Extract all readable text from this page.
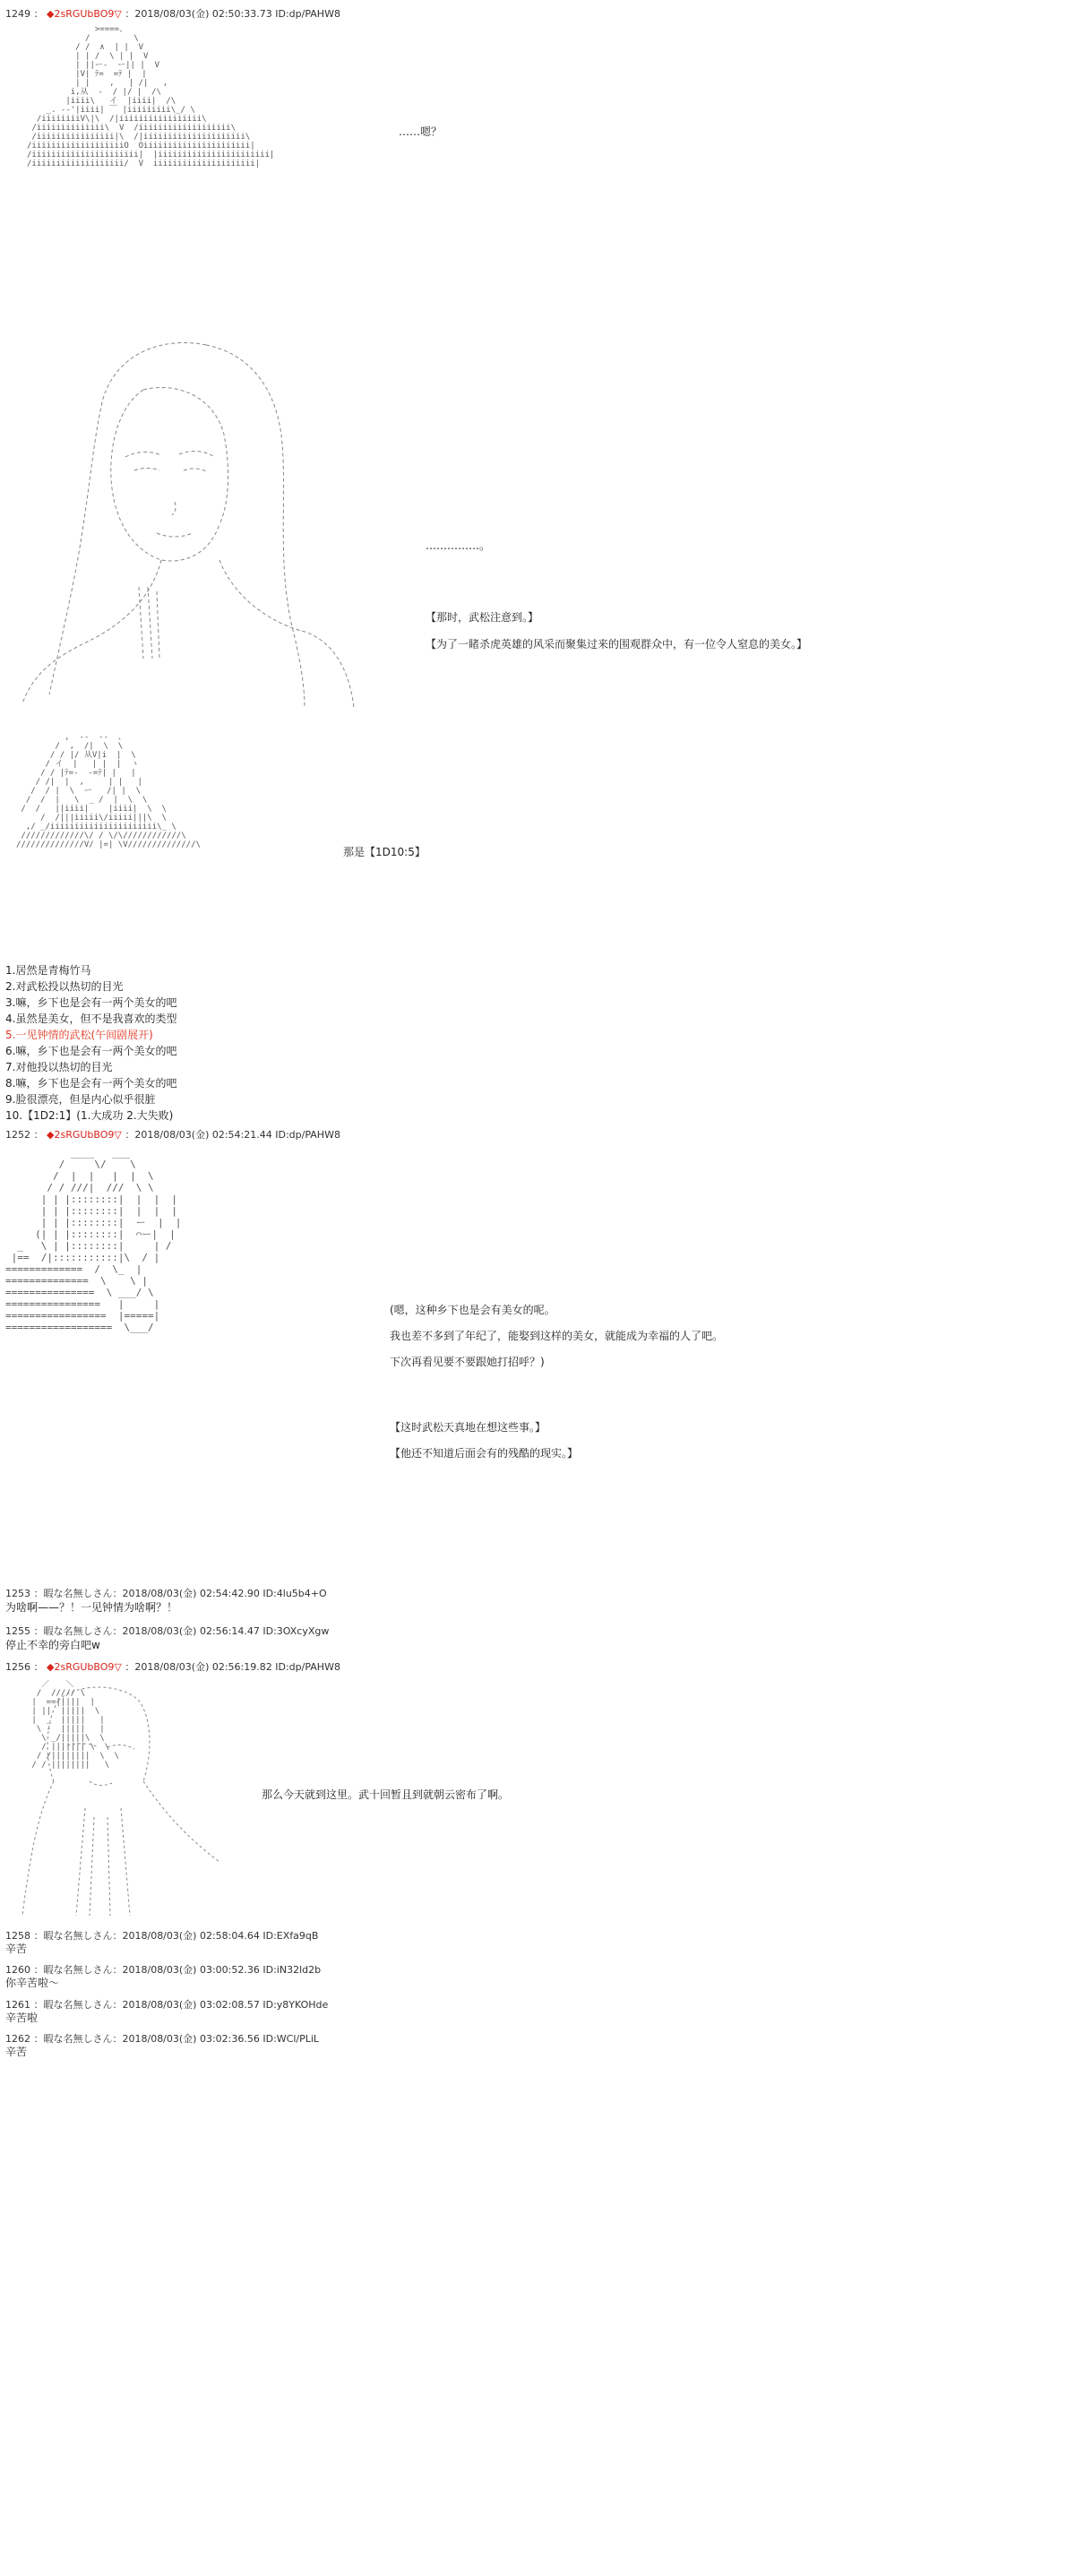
1249 ： ◆2sRGUbBO9▽ ：2018/08/03(金) 02:50:33.73 ID:dp/PAHW8
>====、
/         \
/ /  ∧  | |  V
| | /  \ | |  V
| ||ー-  ー|| |  V
|V| ﾃ=  =ﾃ |  |
| |    ,   | /|   ,
i,从  -  / |/ |  /\
|iiii\   イ  |iiii|  /\
_. -‐'|iiii| ￣ |iiiiiiiii\_/ \
/iiiiiiiiV\|\  /|iiiiiiiiiiiiiiiii\
/iiiiiiiiiiiiii\  V  /iiiiiiiiiiiiiiiiiii\
/iiiiiiiiiiiiiiii|\  /|iiiiiiiiiiiiiiiiiiiii\
/iiiiiiiiiiiiiiiiiiiO  Oiiiiiiiiiiiiiiiiiiiiii|
/iiiiiiiiiiiiiiiiiiiiii|  |iiiiiiiiiiiiiiiiiiiiiii|
/iiiiiiiiiiiiiiiiiii/  V  iiiiiiiiiiiiiiiiiiiii|
……嗯？
……………。
【那时，武松注意到。】
【为了一睹杀虎英雄的风采而聚集过来的围观群众中，有一位令人窒息的美女。】
,  -‐  ‐-  、
/  ,  /|  \  \
/ / |/ 从V|i  |  \
/ イ  |   | |  |  ヽ
/ / |ﾃ=-  -=ﾃ| |   |
/ /|  |  ,     | |   |
/  / |  \  ー   /| |  \
/  /  |   \  _ /  |  \  \
/  /   ||iiii|    |iiii|  \  \
/  /|||iiiii\/iiiii|||\  \
,/ _/iiiiiiiiiiiiiiiiiiiiii\_ \
/////////////\/ / \/\////////////\
//////////////V/ |=| \V//////////////\
那是【1D10:5】
1.居然是青梅竹马
2.对武松投以热切的目光
3.嘛，乡下也是会有一两个美女的吧
4.虽然是美女，但不是我喜欢的类型
5.一见钟情的武松(午间剧展开)
6.嘛，乡下也是会有一两个美女的吧
7.对他投以热切的目光
8.嘛，乡下也是会有一两个美女的吧
9.脸很漂亮，但是内心似乎很脏
10.【1D2:1】(1.大成功 2.大失败)
1252 ： ◆2sRGUbBO9▽ ：2018/08/03(金) 02:54:21.44 ID:dp/PAHW8
____   ___
/     \/    \
/  |  |   |  |  \
/ / ///|  ///  \ \
| | |::::::::|  |  |  |
| | |::::::::|  |  |  |
| | |::::::::|  ー  |  |
(| | |::::::::|  ⌒ー|  |
_   \ | |::::::::|     | /
|==  /|:::::::::::|\  / |
=============  /  \_  |
==============  \    \ |
===============  \ ___/ \
================   |     |
=================  |=====|
==================  \___/
(嗯，这种乡下也是会有美女的呢。
我也差不多到了年纪了，能娶到这样的美女，就能成为幸福的人了吧。
下次再看见要不要跟她打招呼？)
【这时武松天真地在想这些事。】
【他还不知道后面会有的残酷的现实。】
1253 ：暇な名無しさん：2018/08/03(金) 02:54:42.90 ID:4lu5b4+O
为啥啊——？！一见钟情为啥啊？！
1255 ：暇な名無しさん：2018/08/03(金) 02:56:14.47 ID:3OXcyXgw
停止不幸的旁白吧w
1256 ： ◆2sRGUbBO9▽ ：2018/08/03(金) 02:56:19.82 ID:dp/PAHW8
／￣￣＼
/  ///// \
|  ==|||||  |
| ||  |||||  \
|  _  |||||   |
\ -  |||||   |
\ _/|||||\  \
/ ||||||| \  \
/ /||||||||  \  \
/ / ||||||||   \
那么今天就到这里。武十回暂且到就朝云密布了啊。
1258 ：暇な名無しさん：2018/08/03(金) 02:58:04.64 ID:EXfa9qB
辛苦
1260 ：暇な名無しさん：2018/08/03(金) 03:00:52.36 ID:iN32ld2b
你辛苦啦～
1261 ：暇な名無しさん：2018/08/03(金) 03:02:08.57 ID:y8YKOHde
辛苦啦
1262 ：暇な名無しさん：2018/08/03(金) 03:02:36.56 ID:WCl/PLiL
辛苦
